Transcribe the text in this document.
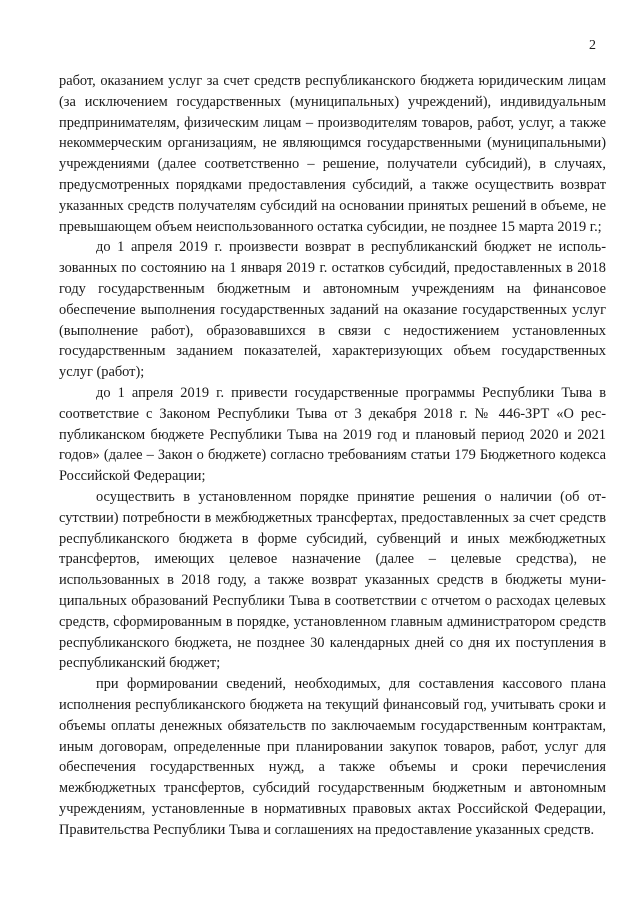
2

работ, оказанием услуг за счет средств республиканского бюджета юридическим лицам (за исключением государственных (муниципальных) учреждений), индивидуальным предпринимателям, физическим лицам – производителям товаров, работ, услуг, а также некоммерческим организациям, не являющимся государственными (муниципальными) учреждениями (далее соответственно – решение, получатели субсидий), в случаях, предусмотренных порядками предоставления субсидий, а также осуществить возврат указанных средств получателям субсидий на основании принятых решений в объеме, не превышающем объем неиспользованного остатка субсидии, не позднее 15 марта 2019 г.;

до 1 апреля 2019 г. произвести возврат в республиканский бюджет не использованных по состоянию на 1 января 2019 г. остатков субсидий, предоставленных в 2018 году государственным бюджетным и автономным учреждениям на финансовое обеспечение выполнения государственных заданий на оказание государственных услуг (выполнение работ), образовавшихся в связи с недостижением установленных государственным заданием показателей, характеризующих объем государственных услуг (работ);

до 1 апреля 2019 г. привести государственные программы Республики Тыва в соответствие с Законом Республики Тыва от 3 декабря 2018 г. № 446-ЗРТ «О республиканском бюджете Республики Тыва на 2019 год и плановый период 2020 и 2021 годов» (далее – Закон о бюджете) согласно требованиям статьи 179 Бюджетного кодекса Российской Федерации;

осуществить в установленном порядке принятие решения о наличии (об отсутствии) потребности в межбюджетных трансфертах, предоставленных за счет средств республиканского бюджета в форме субсидий, субвенций и иных межбюджетных трансфертов, имеющих целевое назначение (далее – целевые средства), не использованных в 2018 году, а также возврат указанных средств в бюджеты муниципальных образований Республики Тыва в соответствии с отчетом о расходах целевых средств, сформированным в порядке, установленном главным администратором средств республиканского бюджета, не позднее 30 календарных дней со дня их поступления в республиканский бюджет;

при формировании сведений, необходимых, для составления кассового плана исполнения республиканского бюджета на текущий финансовый год, учитывать сроки и объемы оплаты денежных обязательств по заключаемым государственным контрактам, иным договорам, определенные при планировании закупок товаров, работ, услуг для обеспечения государственных нужд, а также объемы и сроки перечисления межбюджетных трансфертов, субсидий государственным бюджетным и автономным учреждениям, установленные в нормативных правовых актах Российской Федерации, Правительства Республики Тыва и соглашениях на предоставление указанных средств.
